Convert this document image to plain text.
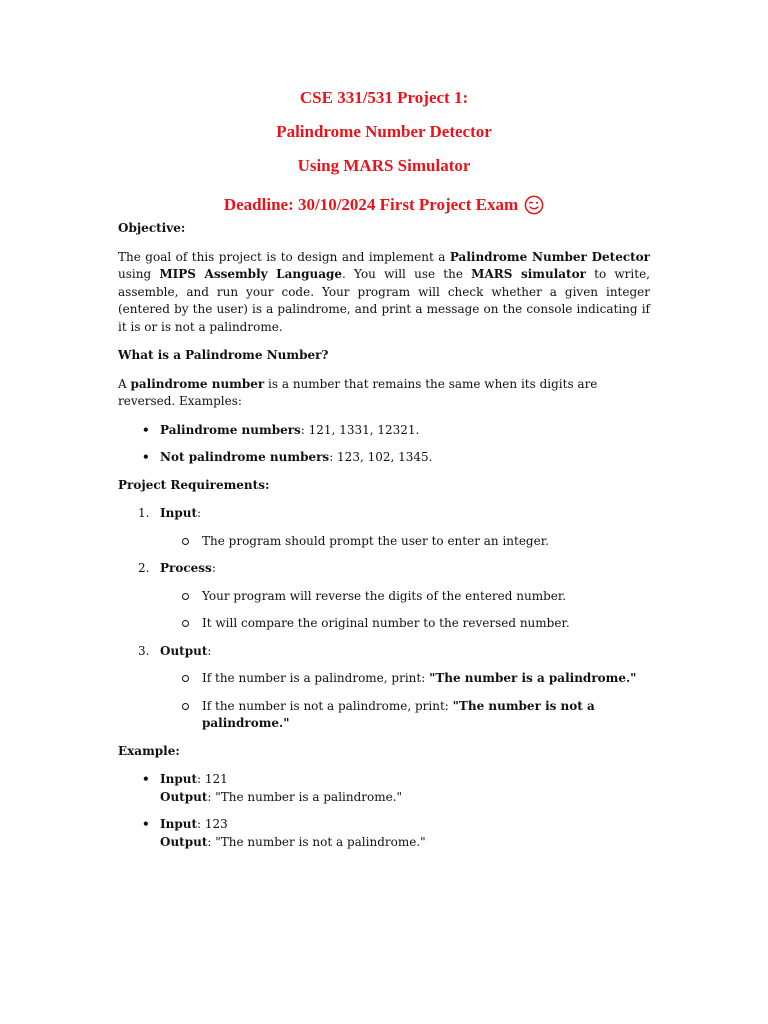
CSE 331/531 Project 1:
Palindrome Number Detector
Using MARS Simulator
Deadline: 30/10/2024 First Project Exam

Objective:

The goal of this project is to design and implement a Palindrome Number Detector using MIPS Assembly Language. You will use the MARS simulator to write, assemble, and run your code. Your program will check whether a given integer (entered by the user) is a palindrome, and print a message on the console indicating if it is or is not a palindrome.

What is a Palindrome Number?

A palindrome number is a number that remains the same when its digits are reversed. Examples:

• Palindrome numbers: 121, 1331, 12321.
• Not palindrome numbers: 123, 102, 1345.

Project Requirements:

1. Input:
The program should prompt the user to enter an integer.
2. Process:
Your program will reverse the digits of the entered number.
It will compare the original number to the reversed number.
3. Output:
If the number is a palindrome, print: "The number is a palindrome."
If the number is not a palindrome, print: "The number is not a palindrome."

Example:

• Input: 121
Output: "The number is a palindrome."
• Input: 123
Output: "The number is not a palindrome."
